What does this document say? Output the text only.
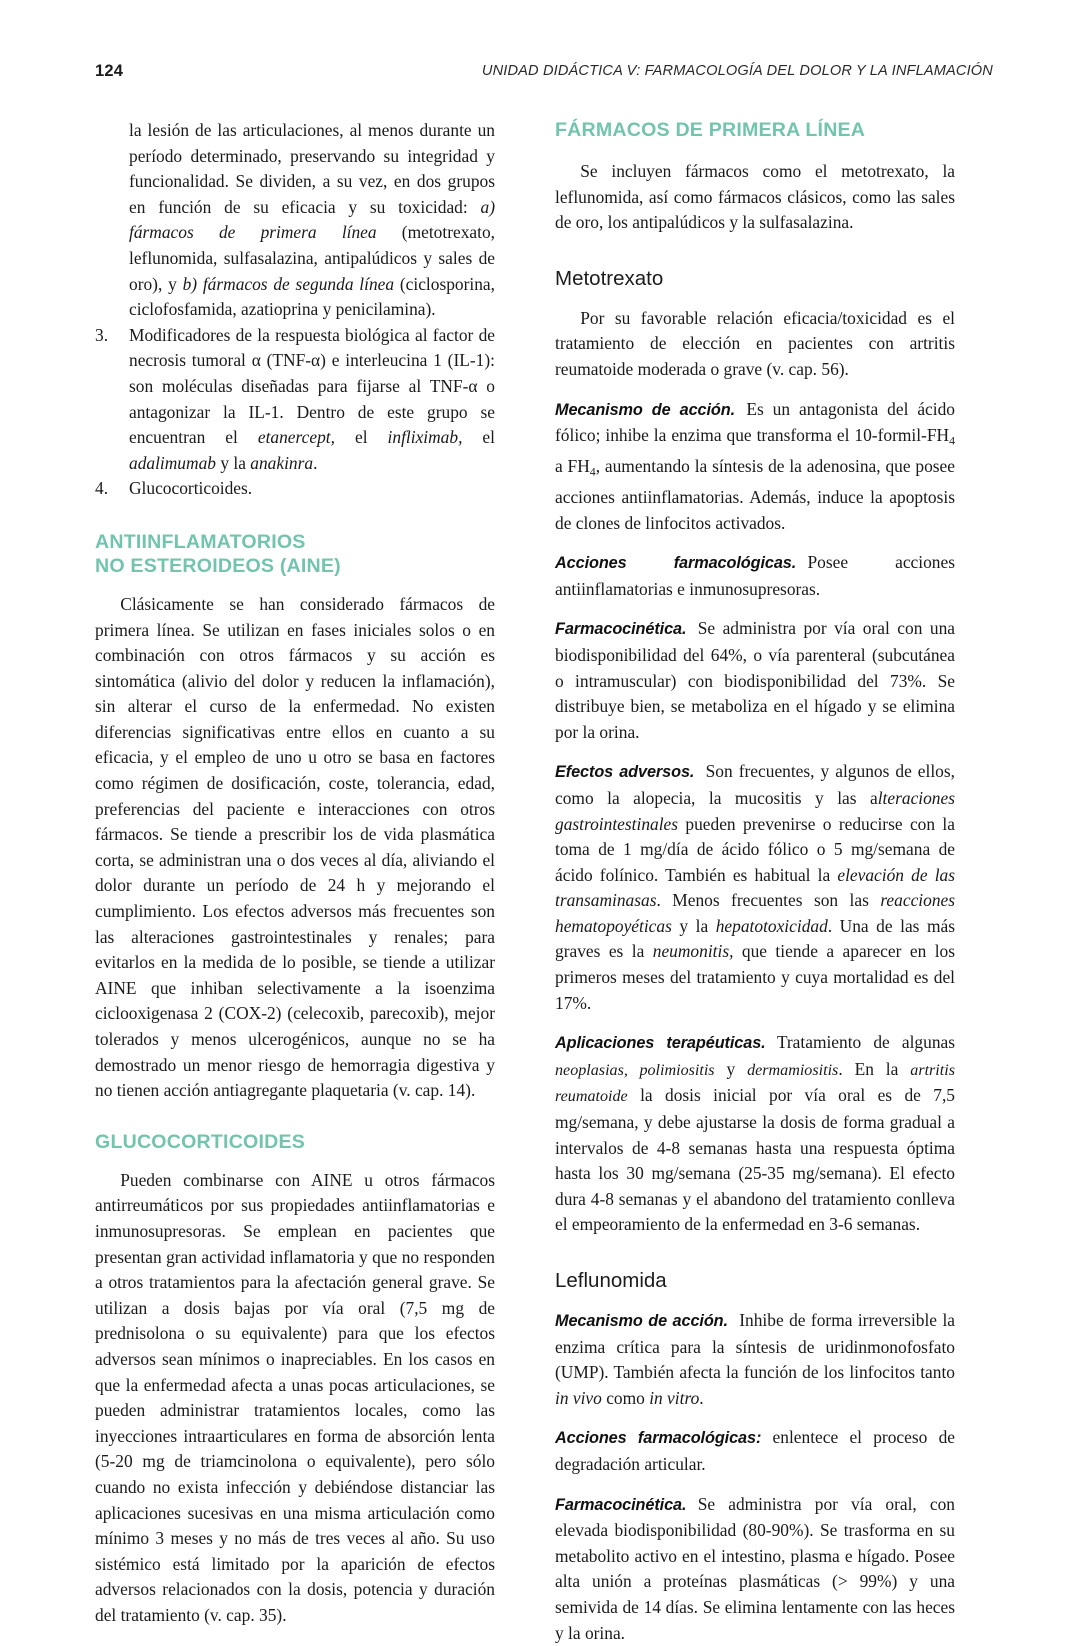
124	UNIDAD DIDÁCTICA V: FARMACOLOGÍA DEL DOLOR Y LA INFLAMACIÓN

la lesión de las articulaciones, al menos durante un período determinado, preservando su integridad y funcionalidad. Se dividen, a su vez, en dos grupos en función de su eficacia y su toxicidad: a) fármacos de primera línea (metotrexato, leflunomida, sulfasalazina, antipalúdicos y sales de oro), y b) fármacos de segunda línea (ciclosporina, ciclofosfamida, azatioprina y penicilamina).

3.	Modificadores de la respuesta biológica al factor de necrosis tumoral α (TNF-α) e interleucina 1 (IL-1): son moléculas diseñadas para fijarse al TNF-α o antagonizar la IL-1. Dentro de este grupo se encuentran el etanercept, el infliximab, el adalimumab y la anakinra.
4.	Glucocorticoides.
ANTIINFLAMATORIOS
NO ESTEROIDEOS (AINE)

Clásicamente se han considerado fármacos de primera línea. Se utilizan en fases iniciales solos o en combinación con otros fármacos y su acción es sintomática (alivio del dolor y reducen la inflamación), sin alterar el curso de la enfermedad. No existen diferencias significativas entre ellos en cuanto a su eficacia, y el empleo de uno u otro se basa en factores como régimen de dosificación, coste, tolerancia, edad, preferencias del paciente e interacciones con otros fármacos. Se tiende a prescribir los de vida plasmática corta, se administran una o dos veces al día, aliviando el dolor durante un período de 24 h y mejorando el cumplimiento. Los efectos adversos más frecuentes son las alteraciones gastrointestinales y renales; para evitarlos en la medida de lo posible, se tiende a utilizar AINE que inhiban selectivamente a la isoenzima ciclooxigenasa 2 (COX-2) (celecoxib, parecoxib), mejor tolerados y menos ulcerogénicos, aunque no se ha demostrado un menor riesgo de hemorragia digestiva y no tienen acción antiagregante plaquetaria (v. cap. 14).

GLUCOCORTICOIDES

Pueden combinarse con AINE u otros fármacos antirreumáticos por sus propiedades antiinflamatorias e inmunosupresoras. Se emplean en pacientes que presentan gran actividad inflamatoria y que no responden a otros tratamientos para la afectación general grave. Se utilizan a dosis bajas por vía oral (7,5 mg de prednisolona o su equivalente) para que los efectos adversos sean mínimos o inapreciables. En los casos en que la enfermedad afecta a unas pocas articulaciones, se pueden administrar tratamientos locales, como las inyecciones intraarticulares en forma de absorción lenta (5-20 mg de triamcinolona o equivalente), pero sólo cuando no exista infección y debiéndose distanciar las aplicaciones sucesivas en una misma articulación como mínimo 3 meses y no más de tres veces al año. Su uso sistémico está limitado por la aparición de efectos adversos relacionados con la dosis, potencia y duración del tratamiento (v. cap. 35).

FÁRMACOS DE PRIMERA LÍNEA

Se incluyen fármacos como el metotrexato, la leflunomida, así como fármacos clásicos, como las sales de oro, los antipalúdicos y la sulfasalazina.

Metotrexato

Por su favorable relación eficacia/toxicidad es el tratamiento de elección en pacientes con artritis reumatoide moderada o grave (v. cap. 56).

Mecanismo de acción. Es un antagonista del ácido fólico; inhibe la enzima que transforma el $10-formil-FH_4$ a $FH_4$, aumentando la síntesis de la adenosina, que posee acciones antiinflamatorias. Además, induce la apoptosis de clones de linfocitos activados.

Acciones farmacológicas. Posee acciones antiinflamatorias e inmunosupresoras.

Farmacocinética. Se administra por vía oral con una biodisponibilidad del 64%, o vía parenteral (subcutánea o intramuscular) con biodisponibilidad del 73%. Se distribuye bien, se metaboliza en el hígado y se elimina por la orina.

Efectos adversos. Son frecuentes, y algunos de ellos, como la alopecia, la mucositis y las alteraciones gastrointestinales pueden prevenirse o reducirse con la toma de 1 mg/día de ácido fólico o 5 mg/semana de ácido folínico. También es habitual la elevación de las transaminasas. Menos frecuentes son las reacciones hematopoyéticas y la hepatotoxicidad. Una de las más graves es la neumonitis, que tiende a aparecer en los primeros meses del tratamiento y cuya mortalidad es del 17%.

Aplicaciones terapéuticas. Tratamiento de algunas neoplasias, polimiositis y dermamiositis. En la artritis reumatoide la dosis inicial por vía oral es de 7,5 mg/semana, y debe ajustarse la dosis de forma gradual a intervalos de 4-8 semanas hasta una respuesta óptima hasta los 30 mg/semana (25-35 mg/semana). El efecto dura 4-8 semanas y el abandono del tratamiento conlleva el empeoramiento de la enfermedad en 3-6 semanas.

Leflunomida

Mecanismo de acción. Inhibe de forma irreversible la enzima crítica para la síntesis de uridinmonofosfato (UMP). También afecta la función de los linfocitos tanto in vivo como in vitro.

Acciones farmacológicas: enlentece el proceso de degradación articular.

Farmacocinética. Se administra por vía oral, con elevada biodisponibilidad (80-90%). Se trasforma en su metabolito activo en el intestino, plasma e hígado. Posee alta unión a proteínas plasmáticas (> 99%) y una semivida de 14 días. Se elimina lentamente con las heces y la orina.
